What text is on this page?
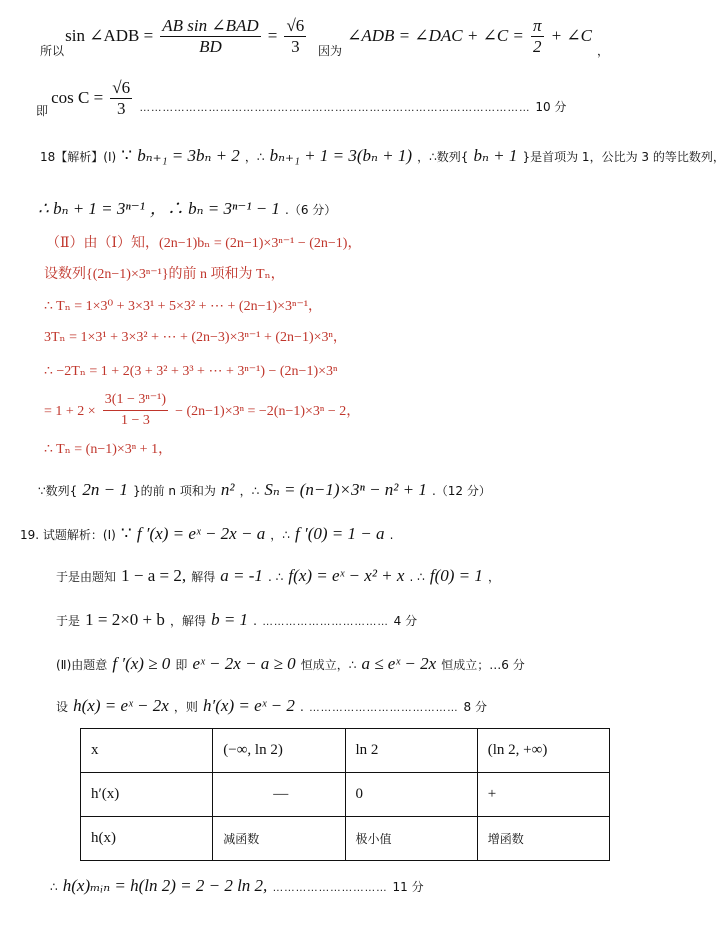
$_{所以}$ sin ∠ADB = $\frac{\text{AB sin ∠BAD}}{BD} = \frac{√6}{3} _{因为}$ ∠ADB = ∠DAC + ∠C = $\frac{\pi}{2}$ + ∠C $_,$
$_即$ $\cos C = \frac{√6}{3} _{\dots\dots\dots\dots\dots\dots\dots\dots\dots\dots\dots\dots\dots\dots\dots\dots\dots\dots\dots\dots\dots\dots\dots\dots\dots\dots\dots\dots\dots\dots\dots\dots\dots\dots}$ $_{10 分}$
18【解析】(Ⅰ) ∵ bₙ₊₁ = 3bₙ + 2 ，∴ bₙ₊₁ + 1 = 3(bₙ + 1) ，∴数列{ bₙ + 1 }是首项为 1，公比为 3 的等比数列，
∴ bₙ + 1 = 3ⁿ⁻¹ ，∴ bₙ = 3ⁿ⁻¹ − 1 .（6 分）

（Ⅱ）由（Ⅰ）知，(2n−1)bₙ = (2n−1)×3ⁿ⁻¹ − (2n−1)，
设数列{(2n−1)×3ⁿ⁻¹}的前 n 项和为 Tₙ，
∴ Tₙ = 1×3⁰ + 3×3¹ + 5×3² + ⋯ + (2n−1)×3ⁿ⁻¹，
3Tₙ = 1×3¹ + 3×3² + ⋯ + (2n−3)×3ⁿ⁻¹ + (2n−1)×3ⁿ，
∴ −2Tₙ = 1 + 2(3 + 3² + 3³ + ⋯ + 3ⁿ⁻¹) − (2n−1)×3ⁿ
= $1 + 2 \times \frac{\text{3(1 − 3ⁿ⁻¹)}}{1 - 3} - (2n-1)\times 3^n = -2(n-1)\times 3^n - 2$，
∴ Tₙ = (n−1)×3ⁿ + 1，
∵数列{ 2n − 1 }的前 n 项和为 n² ，∴ Sₙ = (n−1)×3ⁿ − n² + 1 .（12 分）
19. 试题解析：(Ⅰ) ∵ f ′(x) = eˣ − 2x − a ，∴ f ′(0) = 1 − a .
于是由题知 1 − a = 2, 解得 a = -1 . ∴ f(x) = eˣ − x² + x . ∴ f(0) = 1 ，
于是 1 = 2×0 + b ，解得 b = 1 . …………………………… 4 分
(Ⅱ)由题意 f ′(x) ≥ 0 即 eˣ − 2x − a ≥ 0 恒成立，∴ a ≤ eˣ − 2x 恒成立；…6 分
设 h(x) = eˣ − 2x ，则 h′(x) = eˣ − 2 . ………………………………… 8 分
x	(−∞, ln 2)	ln 2	(ln 2, +∞)
h′(x)	—	0	+
h(x)	减函数	极小值	增函数
∴ h(x)ₘᵢₙ = h(ln 2) = 2 − 2 ln 2, ………………………… 11 分
